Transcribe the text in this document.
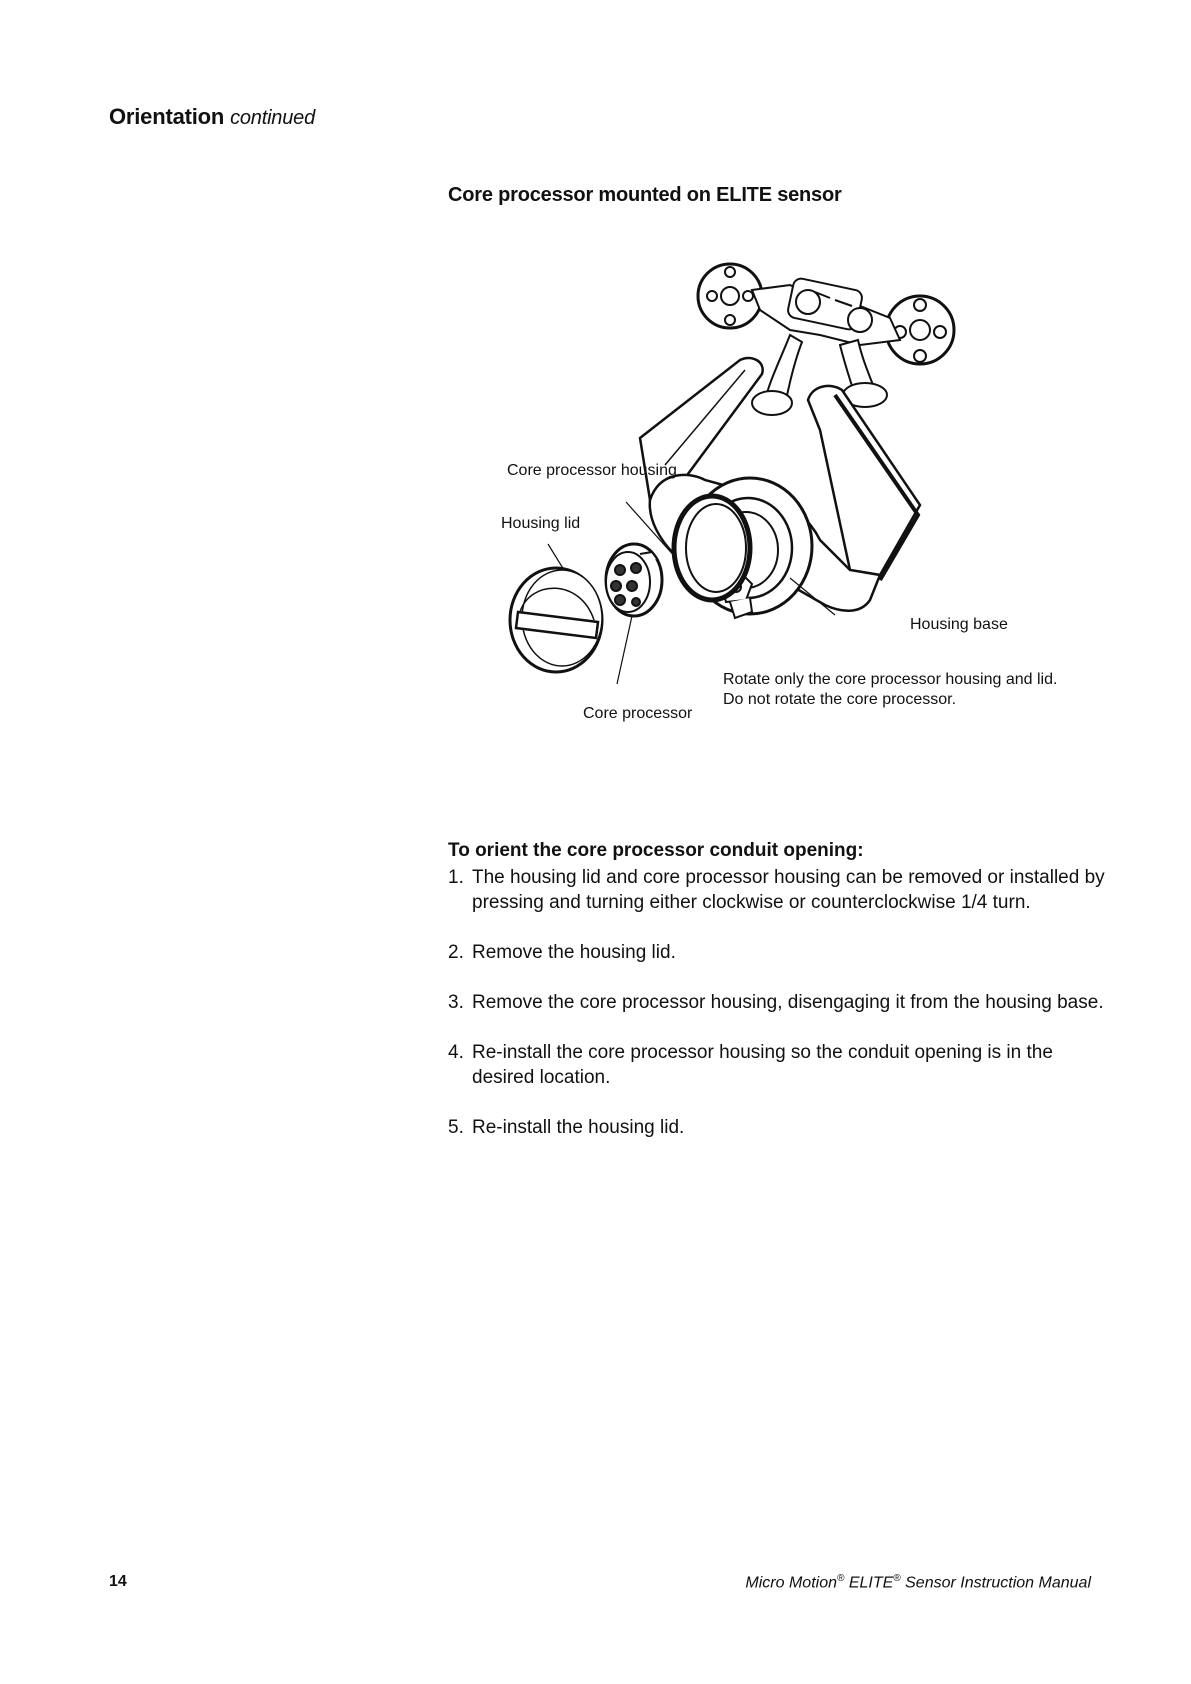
Orientation continued
Core processor mounted on ELITE sensor
Core processor housing
Housing lid
Housing base
Core processor
Rotate only the core processor housing and lid. Do not rotate the core processor.
To orient the core processor conduit opening:
1. The housing lid and core processor housing can be removed or installed by pressing and turning either clockwise or counterclockwise 1/4 turn.
2. Remove the housing lid.
3. Remove the core processor housing, disengaging it from the housing base.
4. Re-install the core processor housing so the conduit opening is in the desired location.
5. Re-install the housing lid.
14	Micro Motion® ELITE® Sensor Instruction Manual
